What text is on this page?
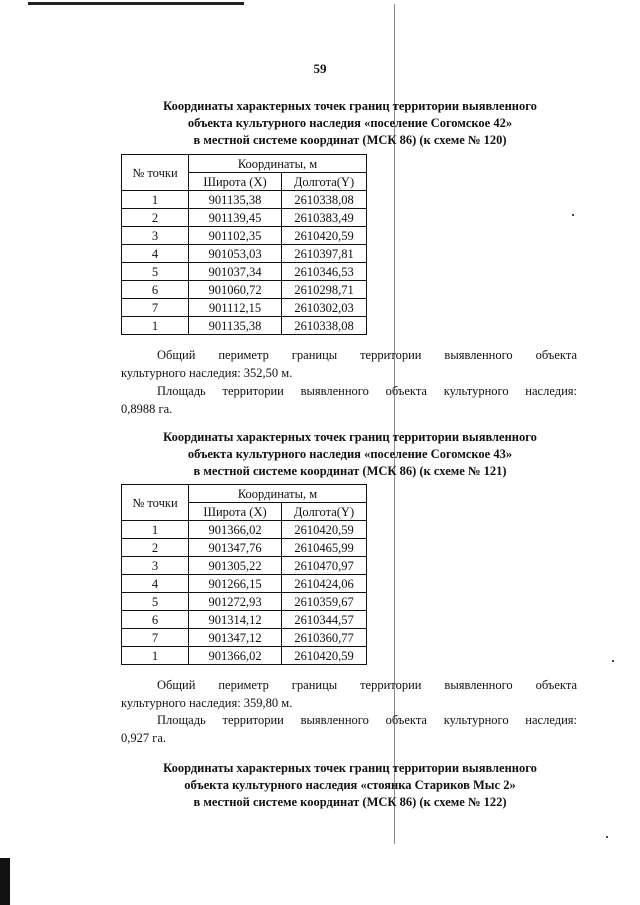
59
Координаты характерных точек границ территории выявленного
объекта культурного наследия «поселение Согомское 42»
в местной системе координат (МСК 86) (к схеме № 120)
№ точки	Координаты, м	
	Широта (X)	Долгота(Y)
1	901135,38	2610338,08
2	901139,45	2610383,49
3	901102,35	2610420,59
4	901053,03	2610397,81
5	901037,34	2610346,53
6	901060,72	2610298,71
7	901112,15	2610302,03
1	901135,38	2610338,08
Общий периметр границы территории выявленного объекта
культурного наследия: 352,50 м.
Площадь территории выявленного объекта культурного наследия:
0,8988 га.
Координаты характерных точек границ территории выявленного
объекта культурного наследия «поселение Согомское 43»
в местной системе координат (МСК 86) (к схеме № 121)
№ точки	Координаты, м	
	Широта (X)	Долгота(Y)
1	901366,02	2610420,59
2	901347,76	2610465,99
3	901305,22	2610470,97
4	901266,15	2610424,06
5	901272,93	2610359,67
6	901314,12	2610344,57
7	901347,12	2610360,77
1	901366,02	2610420,59
Общий периметр границы территории выявленного объекта
культурного наследия: 359,80 м.
Площадь территории выявленного объекта культурного наследия:
0,927 га.
Координаты характерных точек границ территории выявленного
объекта культурного наследия «стоянка Стариков Мыс 2»
в местной системе координат (МСК 86) (к схеме № 122)
